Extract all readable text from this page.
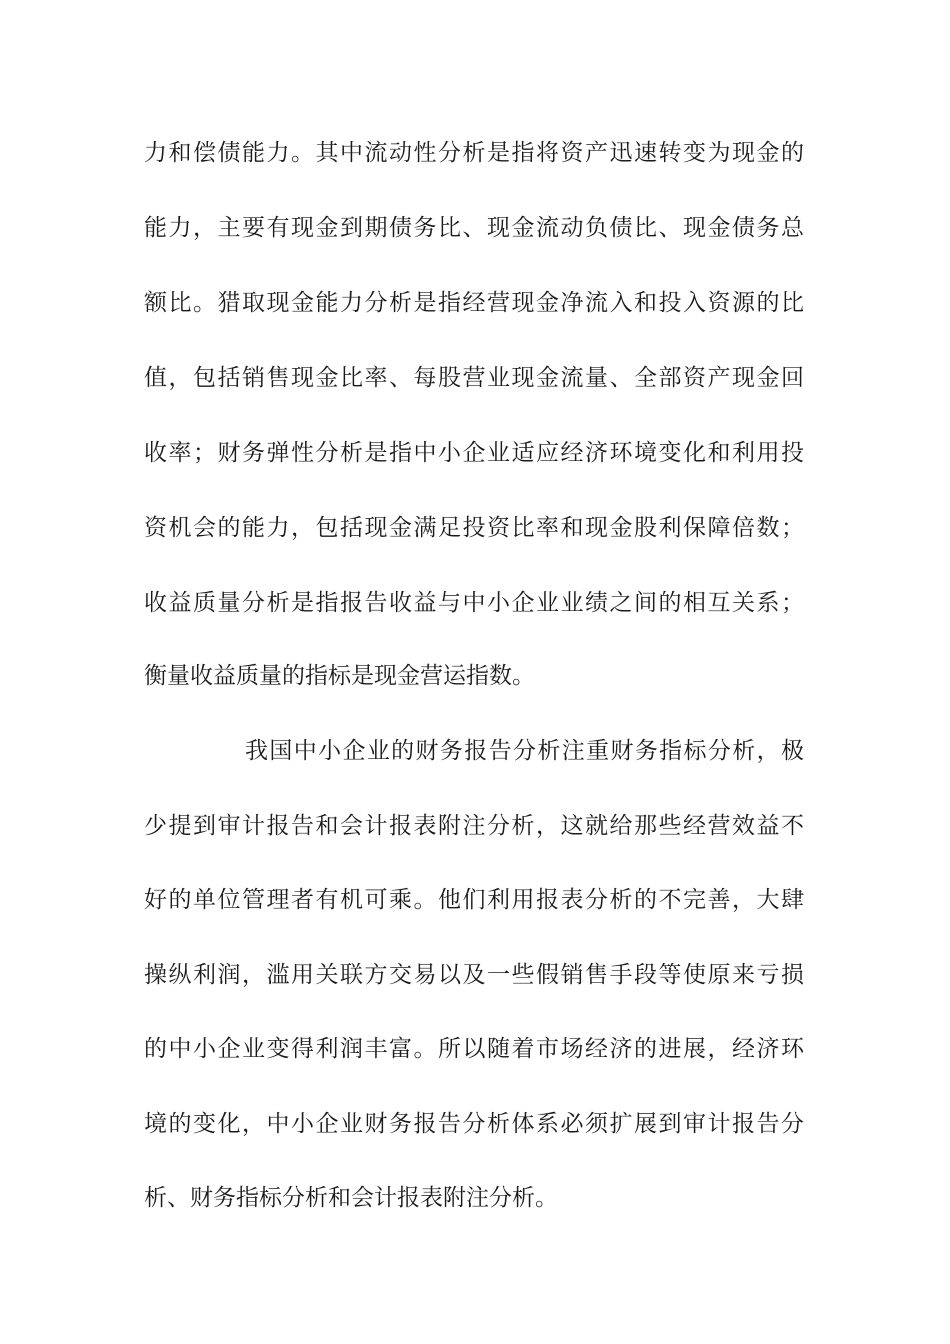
力和偿债能力。其中流动性分析是指将资产迅速转变为现金的
能力，主要有现金到期债务比、现金流动负债比、现金债务总
额比。猎取现金能力分析是指经营现金净流入和投入资源的比
值，包括销售现金比率、每股营业现金流量、全部资产现金回
收率；财务弹性分析是指中小企业适应经济环境变化和利用投
资机会的能力，包括现金满足投资比率和现金股利保障倍数；
收益质量分析是指报告收益与中小企业业绩之间的相互关系；
衡量收益质量的指标是现金营运指数。
我国中小企业的财务报告分析注重财务指标分析，极
少提到审计报告和会计报表附注分析，这就给那些经营效益不
好的单位管理者有机可乘。他们利用报表分析的不完善，大肆
操纵利润，滥用关联方交易以及一些假销售手段等使原来亏损
的中小企业变得利润丰富。所以随着市场经济的进展，经济环
境的变化，中小企业财务报告分析体系必须扩展到审计报告分
析、财务指标分析和会计报表附注分析。
